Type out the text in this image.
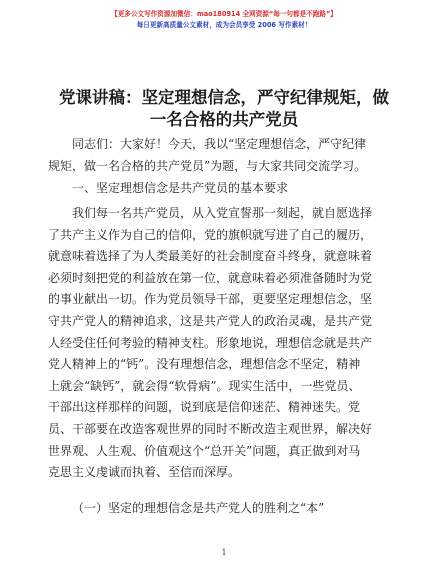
【更多公文写作资源加微信：mao180914 全网资源“每一句都是不跑路”】
每日更新高质量公文素材，成为会员享受 2006 写作素材！
党课讲稿：坚定理想信念，严守纪律规矩，做
一名合格的共产党员
同志们：大家好！今天，我以“坚定理想信念，严守纪律
规矩，做一名合格的共产党员”为题，与大家共同交流学习。
一、坚定理想信念是共产党员的基本要求
我们每一名共产党员，从入党宣誓那一刻起，就自愿选择
了共产主义作为自己的信仰，党的旗帜就写进了自己的履历，
就意味着选择了为人类最美好的社会制度奋斗终身，就意味着
必须时刻把党的利益放在第一位，就意味着必须准备随时为党
的事业献出一切。作为党员领导干部，更要坚定理想信念，坚
守共产党人的精神追求，这是共产党人的政治灵魂，是共产党
人经受住任何考验的精神支柱。形象地说，理想信念就是共产
党人精神上的“钙”。没有理想信念，理想信念不坚定，精神
上就会“缺钙”，就会得“软骨病”。现实生活中，一些党员、
干部出这样那样的问题，说到底是信仰迷茫、精神迷失。党
员、干部要在改造客观世界的同时不断改造主观世界，解决好
世界观、人生观、价值观这个“总开关”问题，真正做到对马
克思主义虔诚而执着、至信而深厚。
（一）坚定的理想信念是共产党人的胜利之“本”
1
